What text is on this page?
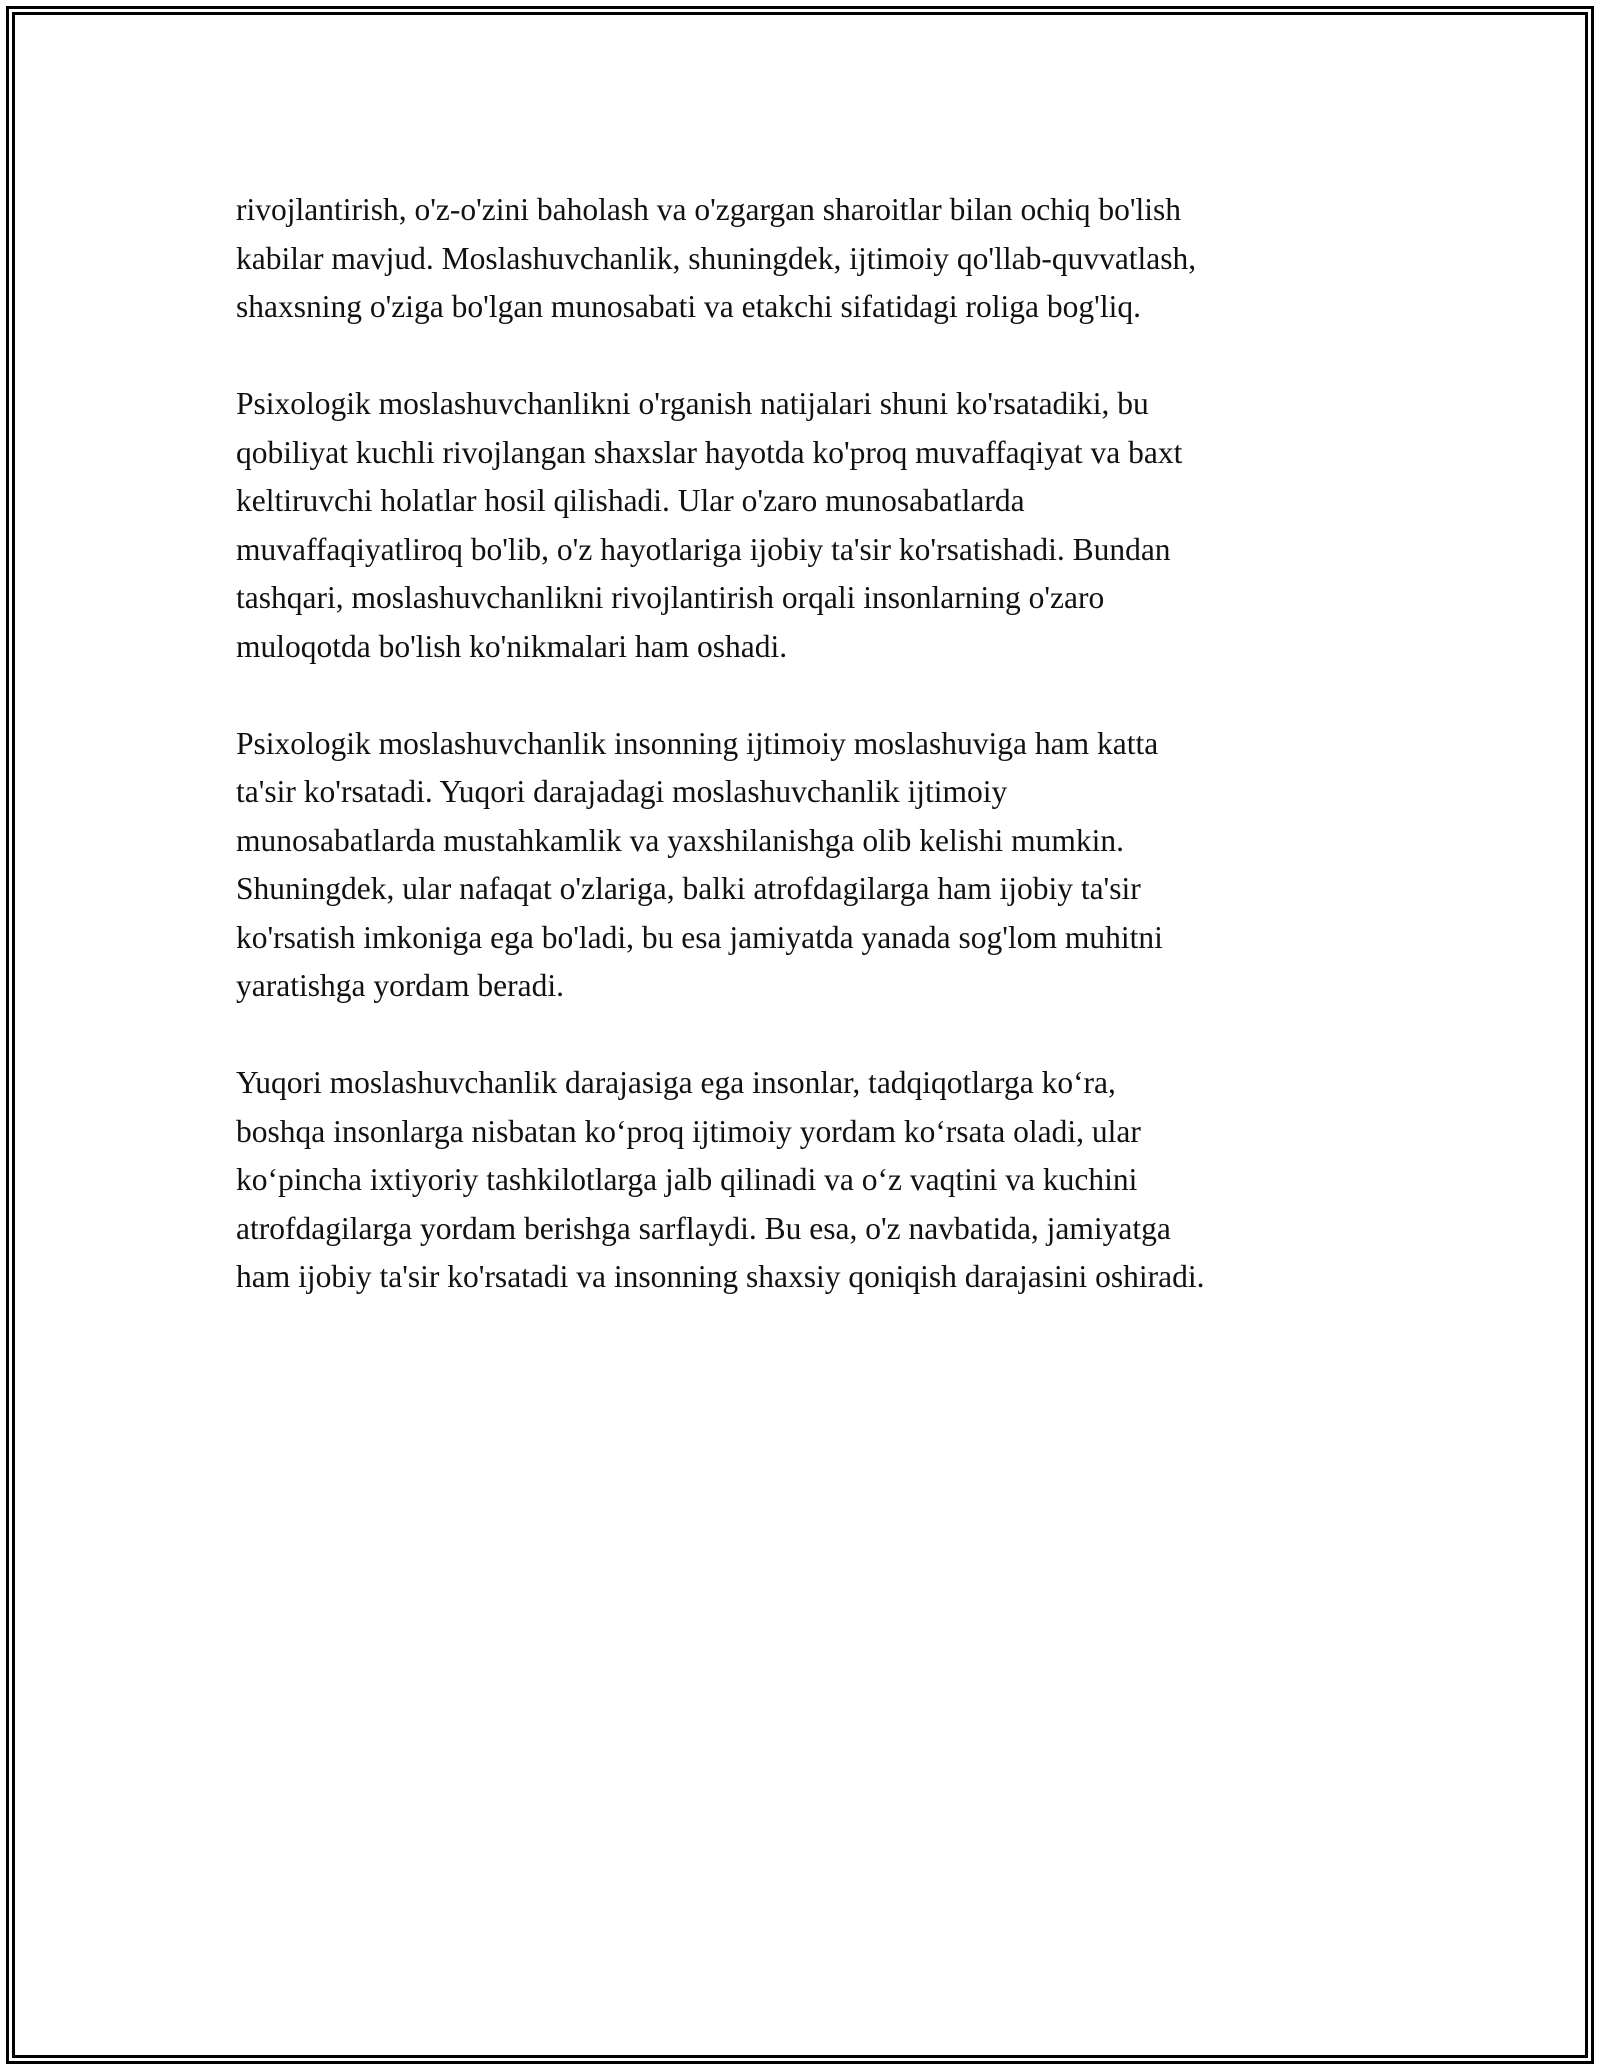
rivojlantirish, o'z-o'zini baholash va o'zgargan sharoitlar bilan ochiq bo'lish
kabilar mavjud. Moslashuvchanlik, shuningdek, ijtimoiy qo'llab-quvvatlash,
shaxsning o'ziga bo'lgan munosabati va etakchi sifatidagi roliga bog'liq.

Psixologik moslashuvchanlikni o'rganish natijalari shuni ko'rsatadiki, bu
qobiliyat kuchli rivojlangan shaxslar hayotda ko'proq muvaffaqiyat va baxt
keltiruvchi holatlar hosil qilishadi. Ular o'zaro munosabatlarda
muvaffaqiyatliroq bo'lib, o'z hayotlariga ijobiy ta'sir ko'rsatishadi. Bundan
tashqari, moslashuvchanlikni rivojlantirish orqali insonlarning o'zaro
muloqotda bo'lish ko'nikmalari ham oshadi.

Psixologik moslashuvchanlik insonning ijtimoiy moslashuviga ham katta
ta'sir ko'rsatadi. Yuqori darajadagi moslashuvchanlik ijtimoiy
munosabatlarda mustahkamlik va yaxshilanishga olib kelishi mumkin.
Shuningdek, ular nafaqat o'zlariga, balki atrofdagilarga ham ijobiy ta'sir
ko'rsatish imkoniga ega bo'ladi, bu esa jamiyatda yanada sog'lom muhitni
yaratishga yordam beradi.

Yuqori moslashuvchanlik darajasiga ega insonlar, tadqiqotlarga ko‘ra,
boshqa insonlarga nisbatan ko‘proq ijtimoiy yordam ko‘rsata oladi, ular
ko‘pincha ixtiyoriy tashkilotlarga jalb qilinadi va o‘z vaqtini va kuchini
atrofdagilarga yordam berishga sarflaydi. Bu esa, o'z navbatida, jamiyatga
ham ijobiy ta'sir ko'rsatadi va insonning shaxsiy qoniqish darajasini oshiradi.
